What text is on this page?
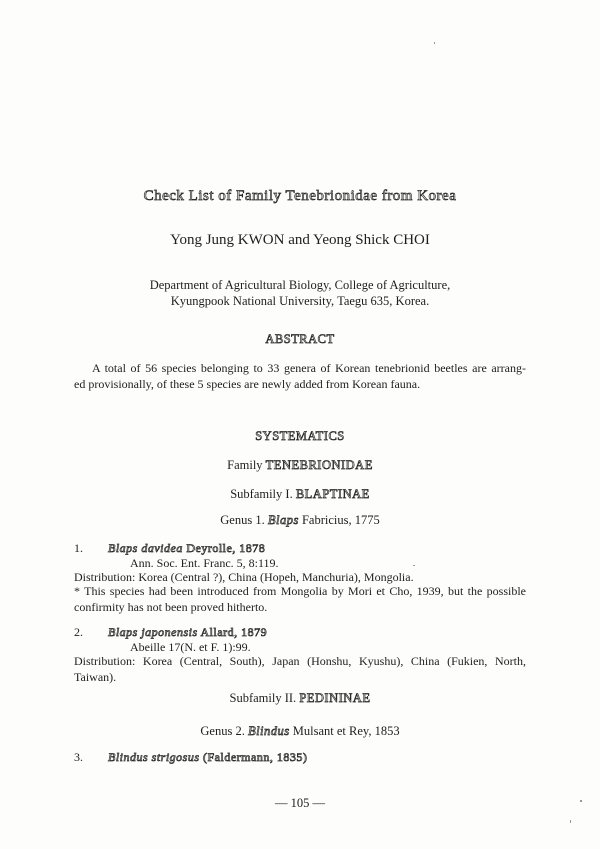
Check List of Family Tenebrionidae from Korea
Yong Jung KWON and Yeong Shick CHOI
Department of Agricultural Biology, College of Agriculture,
Kyungpook National University, Taegu 635, Korea.
ABSTRACT
A total of 56 species belonging to 33 genera of Korean tenebrionid beetles are arrang-
ed provisionally, of these 5 species are newly added from Korean fauna.
SYSTEMATICS
Family TENEBRIONIDAE
Subfamily I. BLAPTINAE
Genus 1. Blaps Fabricius, 1775
1. Blaps davidea Deyrolle, 1878
Ann. Soc. Ent. Franc. 5, 8:119.
Distribution: Korea (Central ?), China (Hopeh, Manchuria), Mongolia.
* This species had been introduced from Mongolia by Mori et Cho, 1939, but the possible confirmity has not been proved hitherto.
2. Blaps japonensis Allard, 1879
Abeille 17(N. et F. 1):99.
Distribution: Korea (Central, South), Japan (Honshu, Kyushu), China (Fukien, North, Taiwan).
Subfamily II. PEDININAE
Genus 2. Blindus Mulsant et Rey, 1853
3. Blindus strigosus (Faldermann, 1835)
— 105 —
